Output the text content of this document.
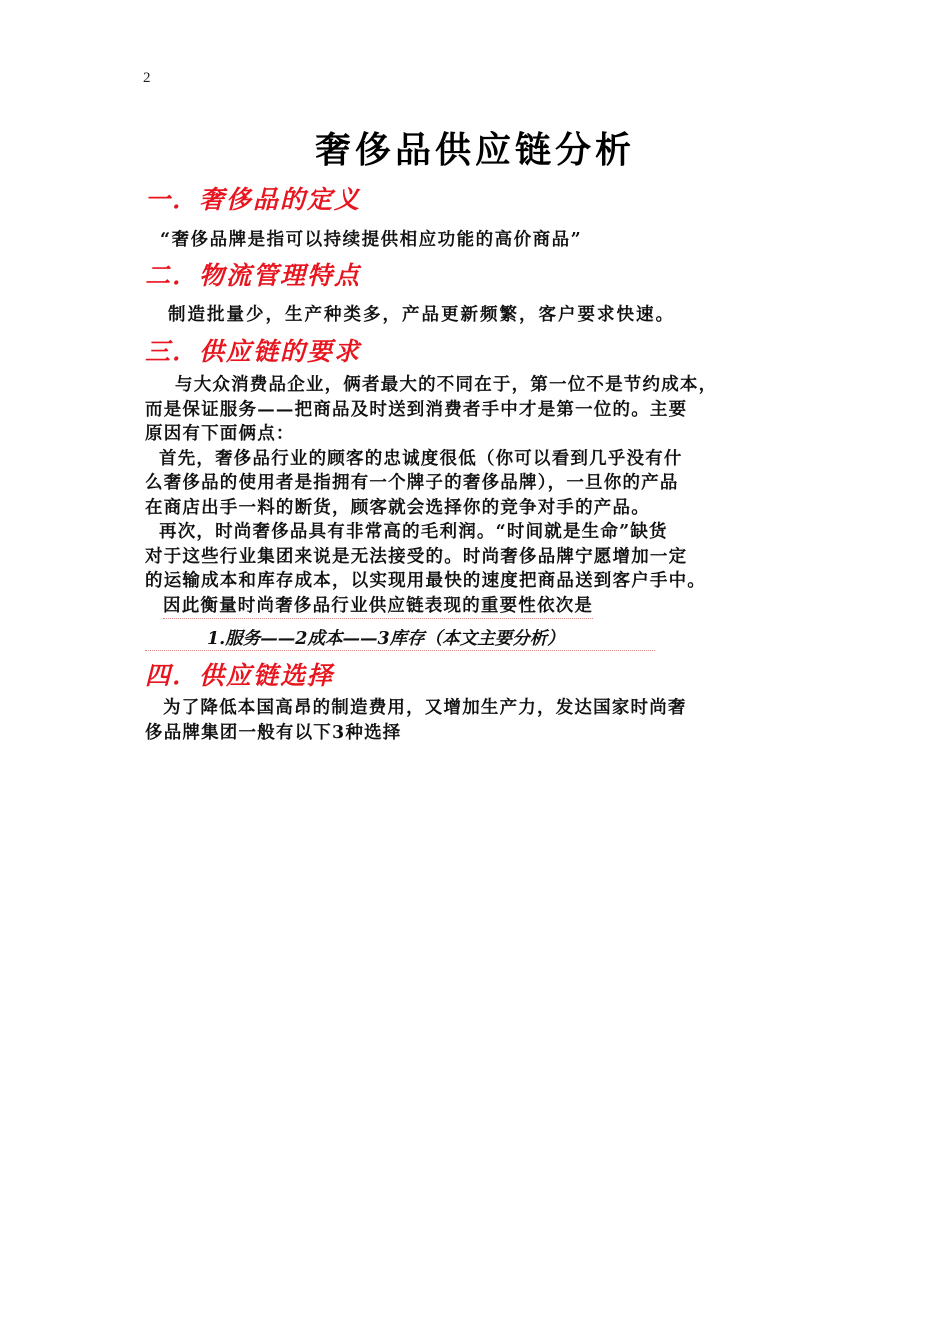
2
奢侈品供应链分析
一．奢侈品的定义
“奢侈品牌是指可以持续提供相应功能的高价商品”
二．物流管理特点
制造批量少，生产种类多，产品更新频繁，客户要求快速。
三．供应链的要求

与大众消费品企业，俩者最大的不同在于，第一位不是节约成本，

而是保证服务——把商品及时送到消费者手中才是第一位的。主要

原因有下面俩点：

首先，奢侈品行业的顾客的忠诚度很低（你可以看到几乎没有什

么奢侈品的使用者是指拥有一个牌子的奢侈品牌），一旦你的产品

在商店出手一料的断货，顾客就会选择你的竞争对手的产品。

再次，时尚奢侈品具有非常高的毛利润。“时间就是生命”缺货

对于这些行业集团来说是无法接受的。时尚奢侈品牌宁愿增加一定

的运输成本和库存成本，以实现用最快的速度把商品送到客户手中。

因此衡量时尚奢侈品行业供应链表现的重要性依次是

1.服务——2成本——3库存（本文主要分析）
四．供应链选择

为了降低本国高昂的制造费用，又增加生产力，发达国家时尚奢

侈品牌集团一般有以下3种选择
